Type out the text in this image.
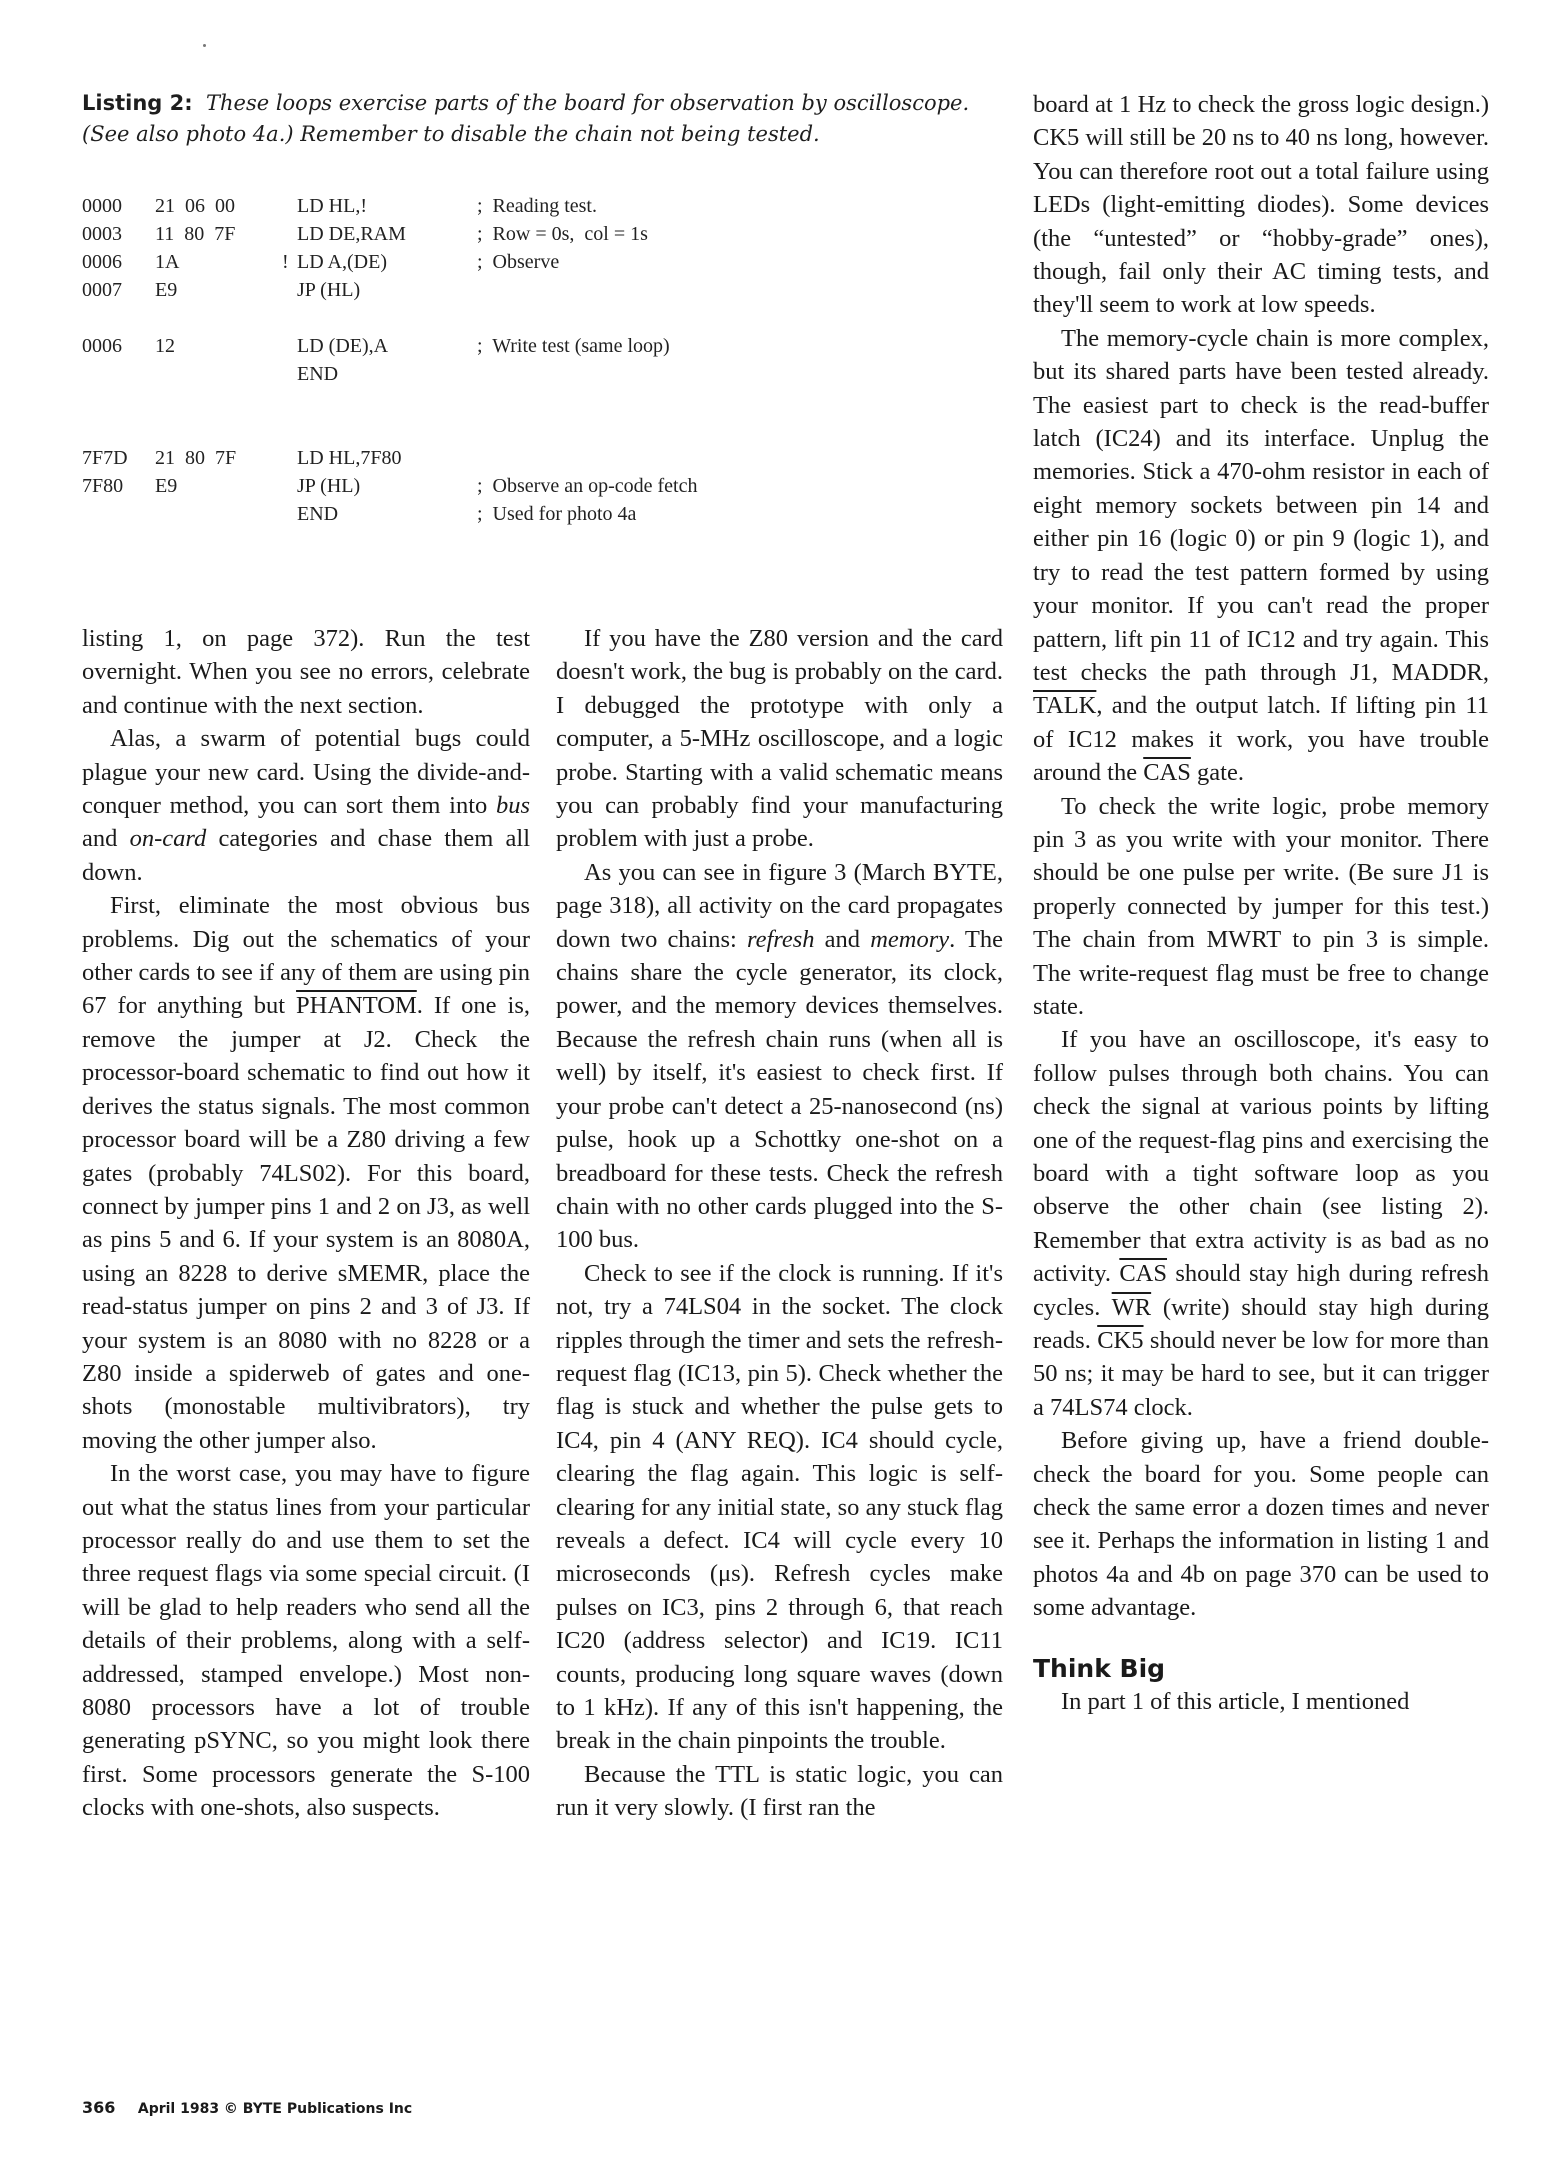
Listing 2: These loops exercise parts of the board for observation by oscilloscope. (See also photo 4a.) Remember to disable the chain not being tested.
0000 21  06  00	LD HL,!	;  Reading test.
0003 11  80  7F	LD DE,RAM	;  Row = 0s,  col = 1s
0006 1A	! LD A,(DE)	;  Observe
0007 E9	JP (HL)
0006 12	LD (DE),A	;  Write test (same loop)
END
7F7D 21  80  7F	LD HL,7F80
7F80 E9	JP (HL)	;  Observe an op-code fetch
END	;  Used for photo 4a

listing 1, on page 372). Run the test overnight. When you see no errors, celebrate and continue with the next section.

Alas, a swarm of potential bugs could plague your new card. Using the divide-and-conquer method, you can sort them into bus and on-card categories and chase them all down.

First, eliminate the most obvious bus problems. Dig out the schematics of your other cards to see if any of them are using pin 67 for anything but PHANTOM. If one is, remove the jumper at J2. Check the processor-board schematic to find out how it derives the status signals. The most common processor board will be a Z80 driving a few gates (probably 74LS02). For this board, connect by jumper pins 1 and 2 on J3, as well as pins 5 and 6. If your system is an 8080A, using an 8228 to derive sMEMR, place the read-status jumper on pins 2 and 3 of J3. If your system is an 8080 with no 8228 or a Z80 inside a spiderweb of gates and one-shots (monostable multivibrators), try moving the other jumper also.

In the worst case, you may have to figure out what the status lines from your particular processor really do and use them to set the three request flags via some special circuit. (I will be glad to help readers who send all the details of their problems, along with a self-addressed, stamped envelope.) Most non-8080 processors have a lot of trouble generating pSYNC, so you might look there first. Some processors generate the S-100 clocks with one-shots, also suspects.

If you have the Z80 version and the card doesn't work, the bug is probably on the card. I debugged the prototype with only a computer, a 5-MHz oscilloscope, and a logic probe. Starting with a valid schematic means you can probably find your manufacturing problem with just a probe.

As you can see in figure 3 (March BYTE, page 318), all activity on the card propagates down two chains: refresh and memory. The chains share the cycle generator, its clock, power, and the memory devices themselves. Because the refresh chain runs (when all is well) by itself, it's easiest to check first. If your probe can't detect a 25-nanosecond (ns) pulse, hook up a Schottky one-shot on a breadboard for these tests. Check the refresh chain with no other cards plugged into the S-100 bus.

Check to see if the clock is running. If it's not, try a 74LS04 in the socket. The clock ripples through the timer and sets the refresh-request flag (IC13, pin 5). Check whether the flag is stuck and whether the pulse gets to IC4, pin 4 (ANY REQ). IC4 should cycle, clearing the flag again. This logic is self-clearing for any initial state, so any stuck flag reveals a defect. IC4 will cycle every 10 microseconds (μs). Refresh cycles make pulses on IC3, pins 2 through 6, that reach IC20 (address selector) and IC19. IC11 counts, producing long square waves (down to 1 kHz). If any of this isn't happening, the break in the chain pinpoints the trouble.

Because the TTL is static logic, you can run it very slowly. (I first ran the

board at 1 Hz to check the gross logic design.) CK5 will still be 20 ns to 40 ns long, however. You can therefore root out a total failure using LEDs (light-emitting diodes). Some devices (the “untested” or “hobby-grade” ones), though, fail only their AC timing tests, and they'll seem to work at low speeds.

The memory-cycle chain is more complex, but its shared parts have been tested already. The easiest part to check is the read-buffer latch (IC24) and its interface. Unplug the memories. Stick a 470-ohm resistor in each of eight memory sockets between pin 14 and either pin 16 (logic 0) or pin 9 (logic 1), and try to read the test pattern formed by using your monitor. If you can't read the proper pattern, lift pin 11 of IC12 and try again. This test checks the path through J1, MADDR, TALK, and the output latch. If lifting pin 11 of IC12 makes it work, you have trouble around the $\overline{CAS}$ gate.

To check the write logic, probe memory pin 3 as you write with your monitor. There should be one pulse per write. (Be sure J1 is properly connected by jumper for this test.) The chain from MWRT to pin 3 is simple. The write-request flag must be free to change state.

If you have an oscilloscope, it's easy to follow pulses through both chains. You can check the signal at various points by lifting one of the request-flag pins and exercising the board with a tight software loop as you observe the other chain (see listing 2). Remember that extra activity is as bad as no activity. $\overline{CAS}$ should stay high during refresh cycles. $\overline{WR}$ (write) should stay high during reads. CK5 should never be low for more than 50 ns; it may be hard to see, but it can trigger a 74LS74 clock.

Before giving up, have a friend double-check the board for you. Some people can check the same error a dozen times and never see it. Perhaps the information in listing 1 and photos 4a and 4b on page 370 can be used to some advantage.

Think Big

In part 1 of this article, I mentioned

366 April 1983 © BYTE Publications Inc
